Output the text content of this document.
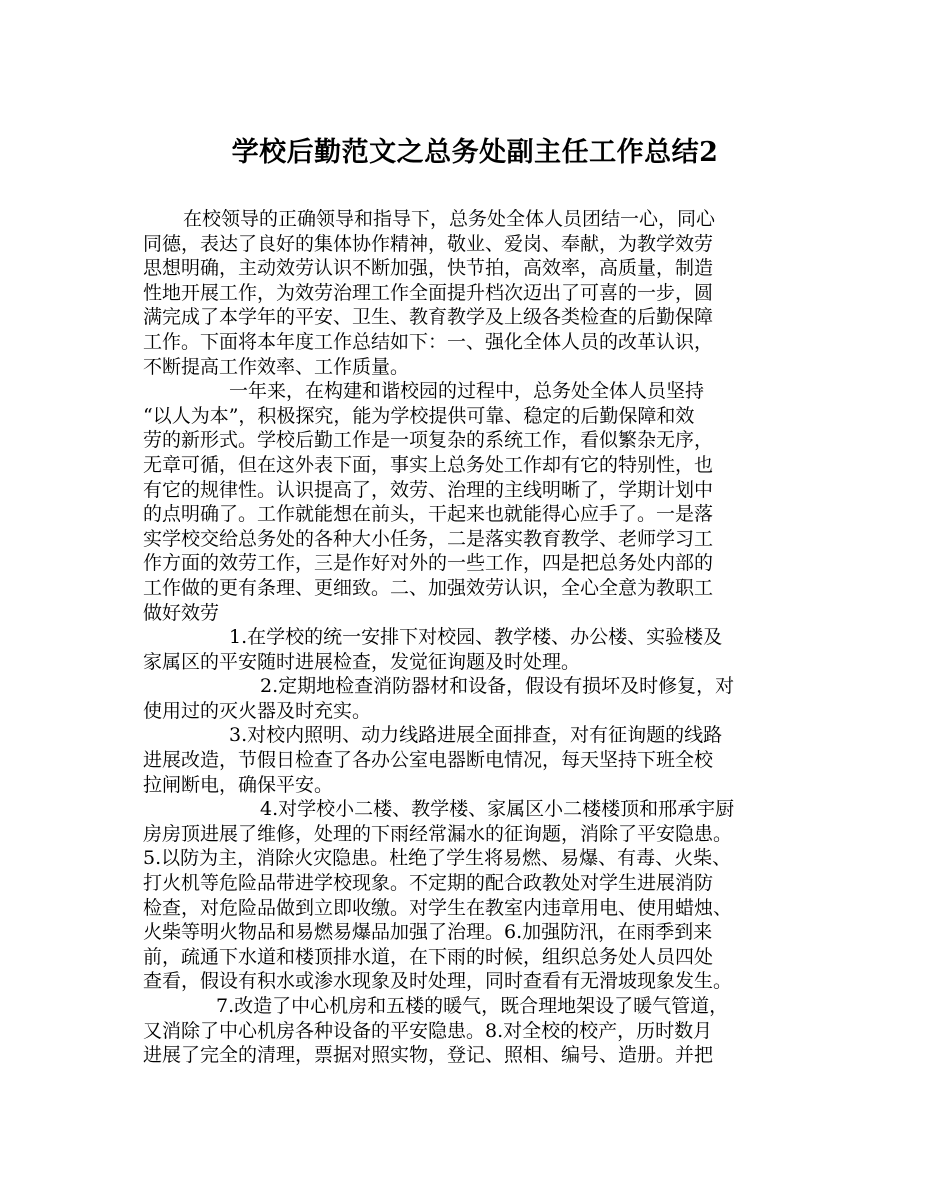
学校后勤范文之总务处副主任工作总结2
在校领导的正确领导和指导下，总务处全体人员团结一心，同心
同德，表达了良好的集体协作精神，敬业、爱岗、奉献，为教学效劳
思想明确，主动效劳认识不断加强，快节拍，高效率，高质量，制造
性地开展工作，为效劳治理工作全面提升档次迈出了可喜的一步，圆
满完成了本学年的平安、卫生、教育教学及上级各类检查的后勤保障
工作。下面将本年度工作总结如下：一、强化全体人员的改革认识，
不断提高工作效率、工作质量。
一年来，在构建和谐校园的过程中，总务处全体人员坚持
“以人为本”，积极探究，能为学校提供可靠、稳定的后勤保障和效
劳的新形式。学校后勤工作是一项复杂的系统工作，看似繁杂无序，
无章可循，但在这外表下面，事实上总务处工作却有它的特别性，也
有它的规律性。认识提高了，效劳、治理的主线明晰了，学期计划中
的点明确了。工作就能想在前头，干起来也就能得心应手了。一是落
实学校交给总务处的各种大小任务，二是落实教育教学、老师学习工
作方面的效劳工作，三是作好对外的一些工作，四是把总务处内部的
工作做的更有条理、更细致。二、加强效劳认识，全心全意为教职工
做好效劳
1.在学校的统一安排下对校园、教学楼、办公楼、实验楼及
家属区的平安随时进展检查，发觉征询题及时处理。
2.定期地检查消防器材和设备，假设有损坏及时修复，对
使用过的灭火器及时充实。
3.对校内照明、动力线路进展全面排查，对有征询题的线路
进展改造，节假日检查了各办公室电器断电情况，每天坚持下班全校
拉闸断电，确保平安。
4.对学校小二楼、教学楼、家属区小二楼楼顶和邢承宇厨
房房顶进展了维修，处理的下雨经常漏水的征询题，消除了平安隐患。
5.以防为主，消除火灾隐患。杜绝了学生将易燃、易爆、有毒、火柴、
打火机等危险品带进学校现象。不定期的配合政教处对学生进展消防
检查，对危险品做到立即收缴。对学生在教室内违章用电、使用蜡烛、
火柴等明火物品和易燃易爆品加强了治理。6.加强防汛，在雨季到来
前，疏通下水道和楼顶排水道，在下雨的时候，组织总务处人员四处
查看，假设有积水或渗水现象及时处理，同时查看有无滑坡现象发生。
7.改造了中心机房和五楼的暖气，既合理地架设了暖气管道，
又消除了中心机房各种设备的平安隐患。8.对全校的校产，历时数月
进展了完全的清理，票据对照实物，登记、照相、编号、造册。并把
